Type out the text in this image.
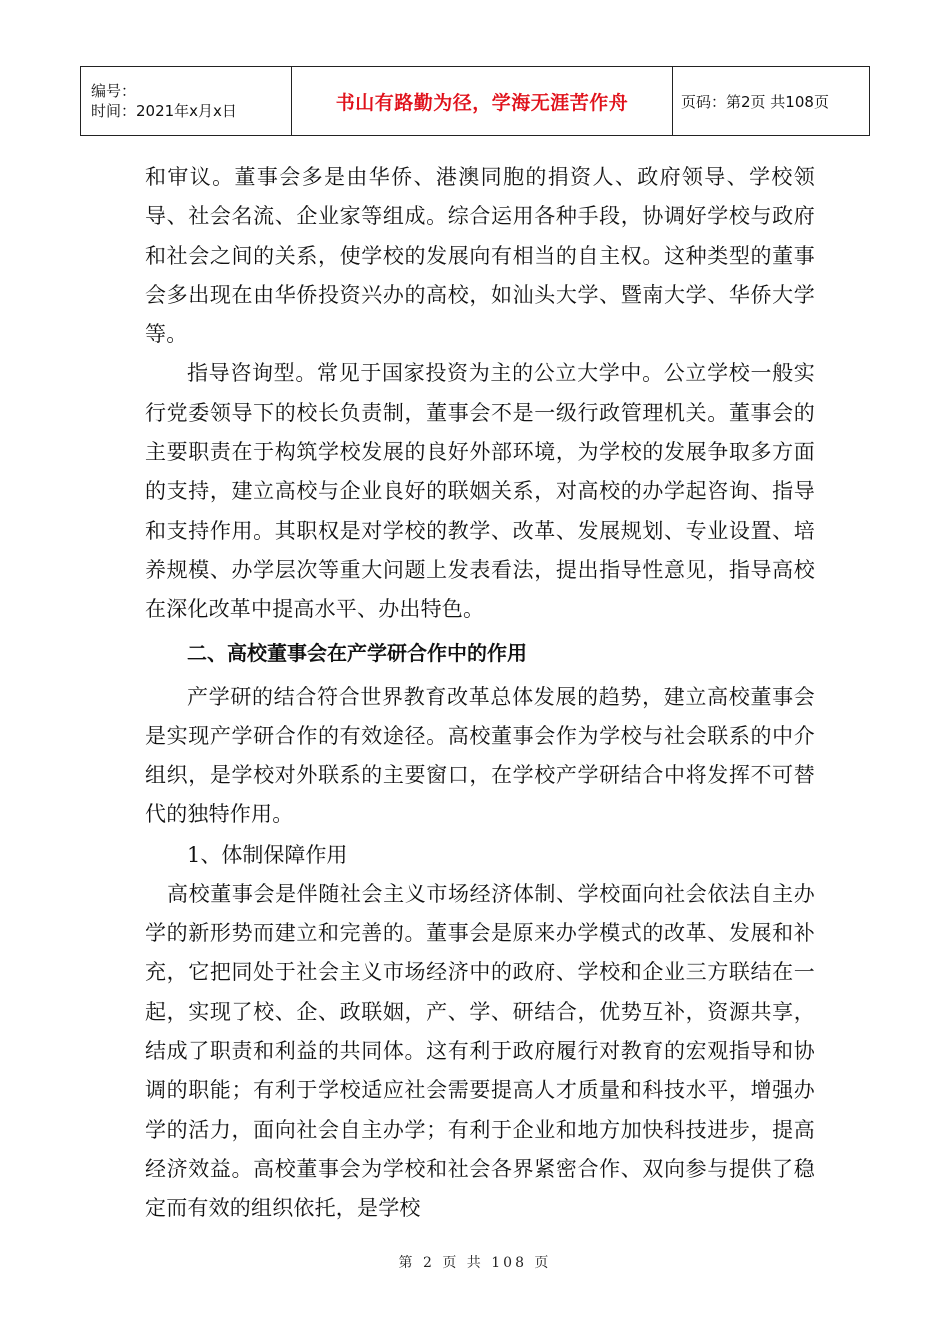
编号：
时间：2021年x月x日	书山有路勤为径，学海无涯苦作舟	页码：第2页 共108页

和审议。董事会多是由华侨、港澳同胞的捐资人、政府领导、学校领导、社会名流、企业家等组成。综合运用各种手段，协调好学校与政府和社会之间的关系，使学校的发展向有相当的自主权。这种类型的董事会多出现在由华侨投资兴办的高校，如汕头大学、暨南大学、华侨大学等。

指导咨询型。常见于国家投资为主的公立大学中。公立学校一般实行党委领导下的校长负责制，董事会不是一级行政管理机关。董事会的主要职责在于构筑学校发展的良好外部环境，为学校的发展争取多方面的支持，建立高校与企业良好的联姻关系，对高校的办学起咨询、指导和支持作用。其职权是对学校的教学、改革、发展规划、专业设置、培养规模、办学层次等重大问题上发表看法，提出指导性意见，指导高校在深化改革中提高水平、办出特色。

二、高校董事会在产学研合作中的作用

产学研的结合符合世界教育改革总体发展的趋势，建立高校董事会是实现产学研合作的有效途径。高校董事会作为学校与社会联系的中介组织，是学校对外联系的主要窗口，在学校产学研结合中将发挥不可替代的独特作用。

1、体制保障作用

高校董事会是伴随社会主义市场经济体制、学校面向社会依法自主办学的新形势而建立和完善的。董事会是原来办学模式的改革、发展和补充，它把同处于社会主义市场经济中的政府、学校和企业三方联结在一起，实现了校、企、政联姻，产、学、研结合，优势互补，资源共享，结成了职责和利益的共同体。这有利于政府履行对教育的宏观指导和协调的职能；有利于学校适应社会需要提高人才质量和科技水平，增强办学的活力，面向社会自主办学；有利于企业和地方加快科技进步，提高经济效益。高校董事会为学校和社会各界紧密合作、双向参与提供了稳定而有效的组织依托，是学校

第 2 页 共 108 页
